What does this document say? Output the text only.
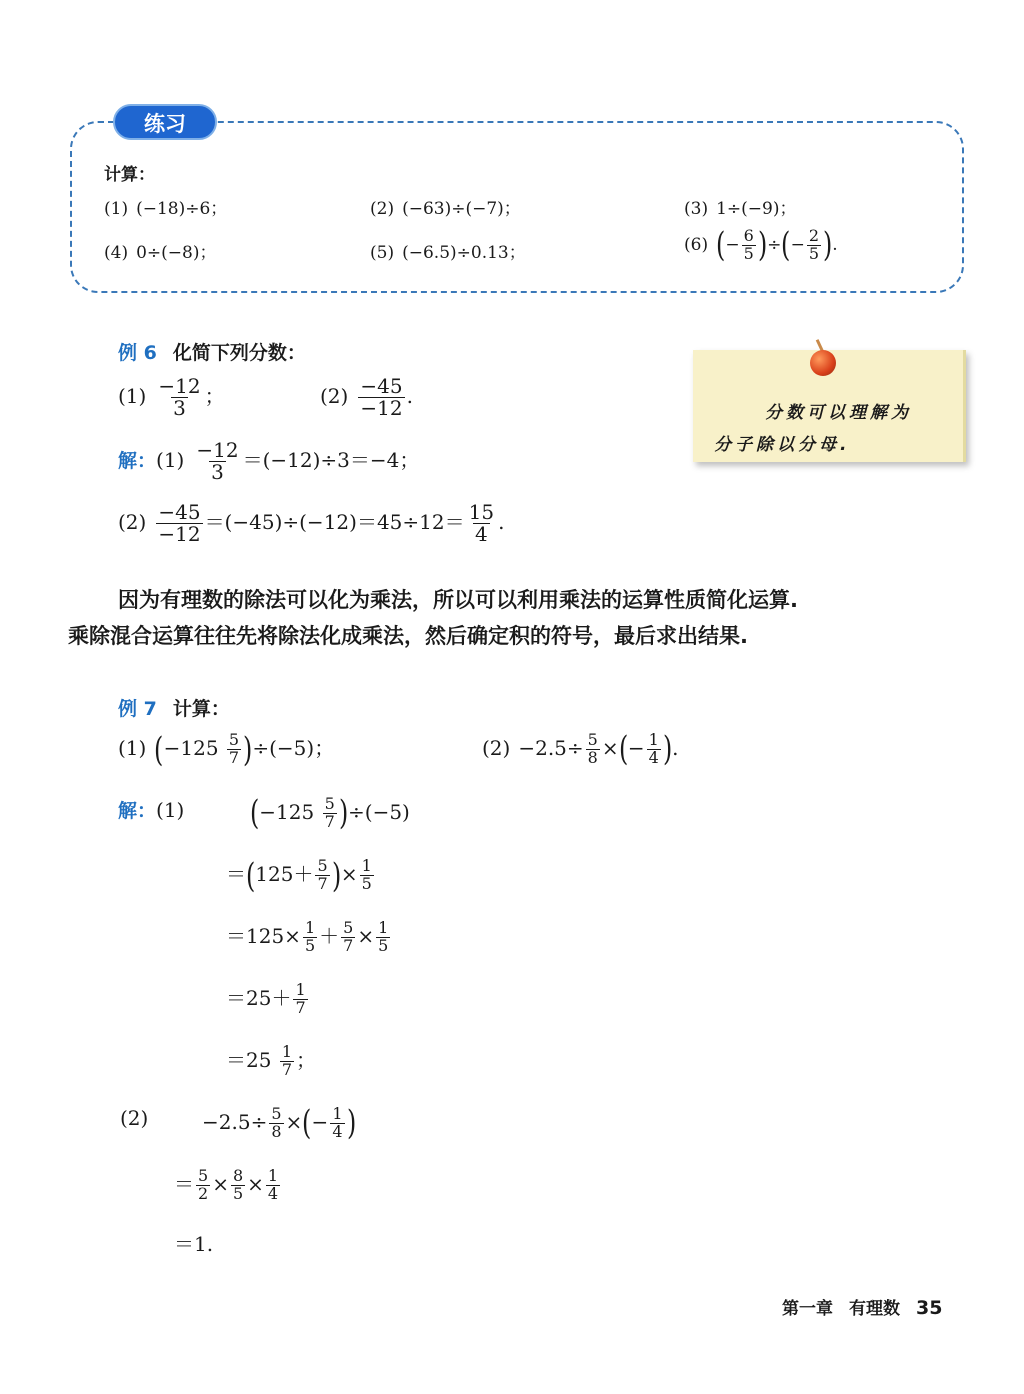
练习
计算：
(1) (−18)÷6；	(2) (−63)÷(−7)；	(3) 1÷(−9)；
(4) 0÷(−8)；	(5) (−6.5)÷0.13；	(6) (− $\frac{6}{5}$ )÷(− $\frac{2}{5}$ ).
例 6 化简下列分数：
$(1) \frac{-12}{3}$ ；	$(2) \frac{-45}{-12}$ .
解：$(1) \frac{-12}{3} =(-12)\div 3=-4$；
$(2) \frac{-45}{-12} =(-45)\div(-12)=45\div 12= \frac{15}{4}$ .
分数可以理解为
分子除以分母.
因为有理数的除法可以化为乘法，所以可以利用乘法的运算性质简化运算.
乘除混合运算往往先将除法化成乘法，然后确定积的符号，最后求出结果.
例 7 计算：
(1) $(-125 \frac{5}{7} )\div(-5)$；	$(2) -2.5\div \frac{5}{8}$ ×(− $\frac{1}{4}$ ).
解：(1) $(-125 \frac{5}{7} )\div(-5)$
$=(125+ \frac{5}{7}$ )× $\frac{1}{5}$
$=125\times \frac{1}{5} + \frac{5}{7} \times \frac{1}{5}$
$=25+ \frac{1}{7}$
$=25 \frac{1}{7}$ ；
(2)	$-2.5\div \frac{5}{8}$ ×(− $\frac{1}{4}$ )
＝ $\frac{5}{2} \times \frac{8}{5} \times \frac{1}{4}$
＝1.
第一章 有理数 35
